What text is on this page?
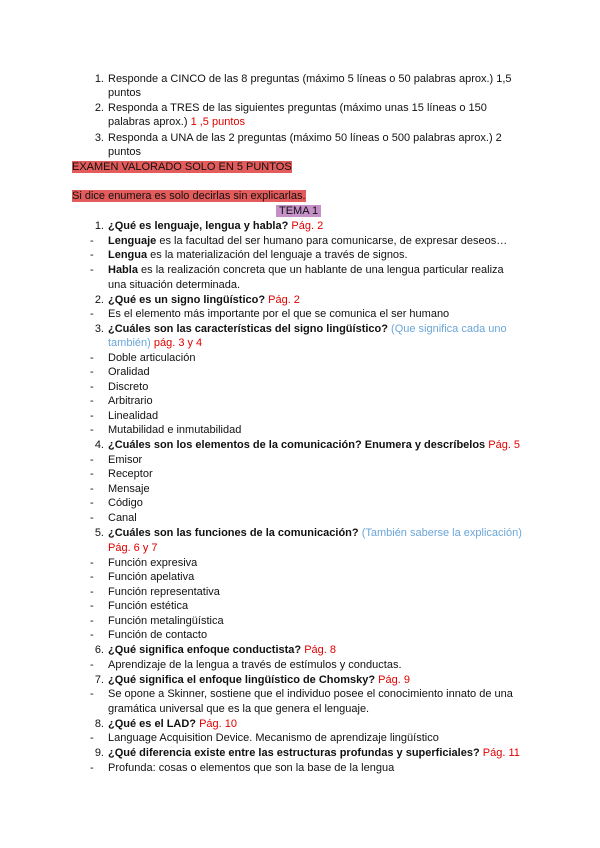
1. Responde a CINCO de las 8 preguntas (máximo 5 líneas o 50 palabras aprox.) 1,5
puntos
2. Responda a TRES de las siguientes preguntas (máximo unas 15 líneas o 150
palabras aprox.) 1 ,5 puntos
3. Responda a UNA de las 2 preguntas (máximo 50 líneas o 500 palabras aprox.) 2
puntos
EXAMEN VALORADO SOLO EN 5 PUNTOS
Si dice enumera es solo decirlas sin explicarlas.
TEMA 1
1. ¿Qué es lenguaje, lengua y habla? Pág. 2
- Lenguaje es la facultad del ser humano para comunicarse, de expresar deseos…
- Lengua es la materialización del lenguaje a través de signos.
- Habla es la realización concreta que un hablante de una lengua particular realiza
una situación determinada.
2. ¿Qué es un signo lingüístico? Pág. 2
- Es el elemento más importante por el que se comunica el ser humano
3. ¿Cuáles son las características del signo lingüístico? (Que significa cada uno
también) pág. 3 y 4
- Doble articulación
- Oralidad
- Discreto
- Arbitrario
- Linealidad
- Mutabilidad e inmutabilidad
4. ¿Cuáles son los elementos de la comunicación? Enumera y descríbelos Pág. 5
- Emisor
- Receptor
- Mensaje
- Código
- Canal
5. ¿Cuáles son las funciones de la comunicación? (También saberse la explicación)
Pág. 6 y 7
- Función expresiva
- Función apelativa
- Función representativa
- Función estética
- Función metalingüística
- Función de contacto
6. ¿Qué significa enfoque conductista? Pág. 8
- Aprendizaje de la lengua a través de estímulos y conductas.
7. ¿Qué significa el enfoque lingüístico de Chomsky? Pág. 9
- Se opone a Skinner, sostiene que el individuo posee el conocimiento innato de una
gramática universal que es la que genera el lenguaje.
8. ¿Qué es el LAD? Pág. 10
- Language Acquisition Device. Mecanismo de aprendizaje lingüístico
9. ¿Qué diferencia existe entre las estructuras profundas y superficiales? Pág. 11
- Profunda: cosas o elementos que son la base de la lengua
